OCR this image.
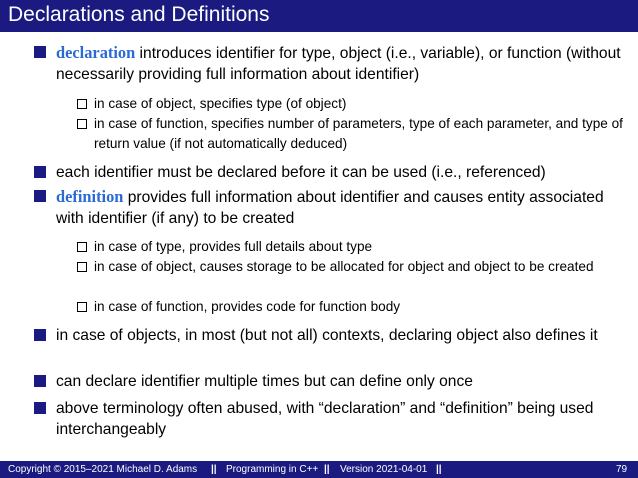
Declarations and Definitions
declaration introduces identifier for type, object (i.e., variable), or function (without necessarily providing full information about identifier)
in case of object, specifies type (of object)
in case of function, specifies number of parameters, type of each parameter, and type of return value (if not automatically deduced)
each identifier must be declared before it can be used (i.e., referenced)
definition provides full information about identifier and causes entity associated with identifier (if any) to be created
in case of type, provides full details about type
in case of object, causes storage to be allocated for object and object to be created
in case of function, provides code for function body
in case of objects, in most (but not all) contexts, declaring object also defines it
can declare identifier multiple times but can define only once
above terminology often abused, with “declaration” and “definition” being used interchangeably
Copyright © 2015–2021 Michael D. Adams || Programming in C++ || Version 2021-04-01 ||	79
